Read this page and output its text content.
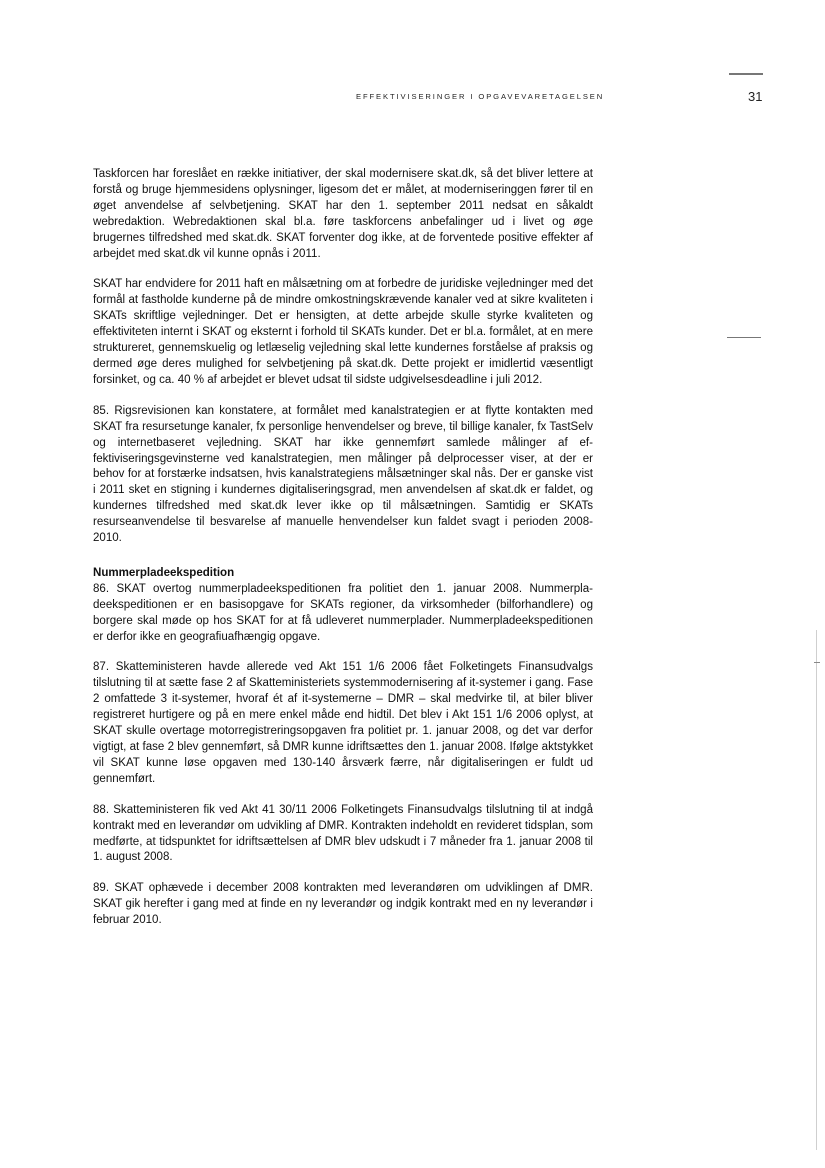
EFFEKTIVISERINGER I OPGAVEVARETAGELSEN	31

Taskforcen har foreslået en række initiativer, der skal modernisere skat.dk, så det bliver lettere at forstå og bruge hjemmesidens oplysninger, ligesom det er målet, at moderniseringgen fører til en øget anvendelse af selvbetjening. SKAT har den 1. september 2011 nedsat en såkaldt webredaktion. Webredaktionen skal bl.a. føre taskforcens anbefalinger ud i livet og øge brugernes tilfredshed med skat.dk. SKAT forventer dog ikke, at de forventede positive effekter af arbejdet med skat.dk vil kunne opnås i 2011.

SKAT har endvidere for 2011 haft en målsætning om at forbedre de juridiske vejledninger med det formål at fastholde kunderne på de mindre omkostningskrævende kanaler ved at sikre kvaliteten i SKATs skriftlige vejledninger. Det er hensigten, at dette arbejde skulle styrke kvaliteten og effektiviteten internt i SKAT og eksternt i forhold til SKATs kunder. Det er bl.a. formålet, at en mere struktureret, gennemskuelig og letlæselig vejledning skal lette kundernes forståelse af praksis og dermed øge deres mulighed for selvbetjening på skat.dk. Dette projekt er imidlertid væsentligt forsinket, og ca. 40 % af arbejdet er blevet udsat til sidste udgivelsesdeadline i juli 2012.

85. Rigsrevisionen kan konstatere, at formålet med kanalstrategien er at flytte kontakten med SKAT fra resursetunge kanaler, fx personlige henvendelser og breve, til billige kanaler, fx TastSelv og internetbaseret vejledning. SKAT har ikke gennemført samlede målinger af effektiviseringsgevinsterne ved kanalstrategien, men målinger på delprocesser viser, at der er behov for at forstærke indsatsen, hvis kanalstrategiens målsætninger skal nås. Der er ganske vist i 2011 sket en stigning i kundernes digitaliseringsgrad, men anvendelsen af skat.dk er faldet, og kundernes tilfredshed med skat.dk lever ikke op til målsætningen. Samtidig er SKATs resurseanvendelse til besvarelse af manuelle henvendelser kun faldet svagt i perioden 2008-2010.

Nummerpladeekspedition

86. SKAT overtog nummerpladeekspeditionen fra politiet den 1. januar 2008. Nummerpladeekspeditionen er en basisopgave for SKATs regioner, da virksomheder (bilforhandlere) og borgere skal møde op hos SKAT for at få udleveret nummerplader. Nummerpladeekspeditionen er derfor ikke en geografiuafhængig opgave.

87. Skatteministeren havde allerede ved Akt 151 1/6 2006 fået Folketingets Finansudvalgs tilslutning til at sætte fase 2 af Skatteministeriets systemmodernisering af it-systemer i gang. Fase 2 omfattede 3 it-systemer, hvoraf ét af it-systemerne – DMR – skal medvirke til, at biler bliver registreret hurtigere og på en mere enkel måde end hidtil. Det blev i Akt 151 1/6 2006 oplyst, at SKAT skulle overtage motorregistreringsopgaven fra politiet pr. 1. januar 2008, og det var derfor vigtigt, at fase 2 blev gennemført, så DMR kunne idriftsættes den 1. januar 2008. Ifølge aktstykket vil SKAT kunne løse opgaven med 130-140 årsværk færre, når digitaliseringen er fuldt ud gennemført.

88. Skatteministeren fik ved Akt 41 30/11 2006 Folketingets Finansudvalgs tilslutning til at indgå kontrakt med en leverandør om udvikling af DMR. Kontrakten indeholdt en revideret tidsplan, som medførte, at tidspunktet for idriftsættelsen af DMR blev udskudt i 7 måneder fra 1. januar 2008 til 1. august 2008.

89. SKAT ophævede i december 2008 kontrakten med leverandøren om udviklingen af DMR. SKAT gik herefter i gang med at finde en ny leverandør og indgik kontrakt med en ny leverandør i februar 2010.
